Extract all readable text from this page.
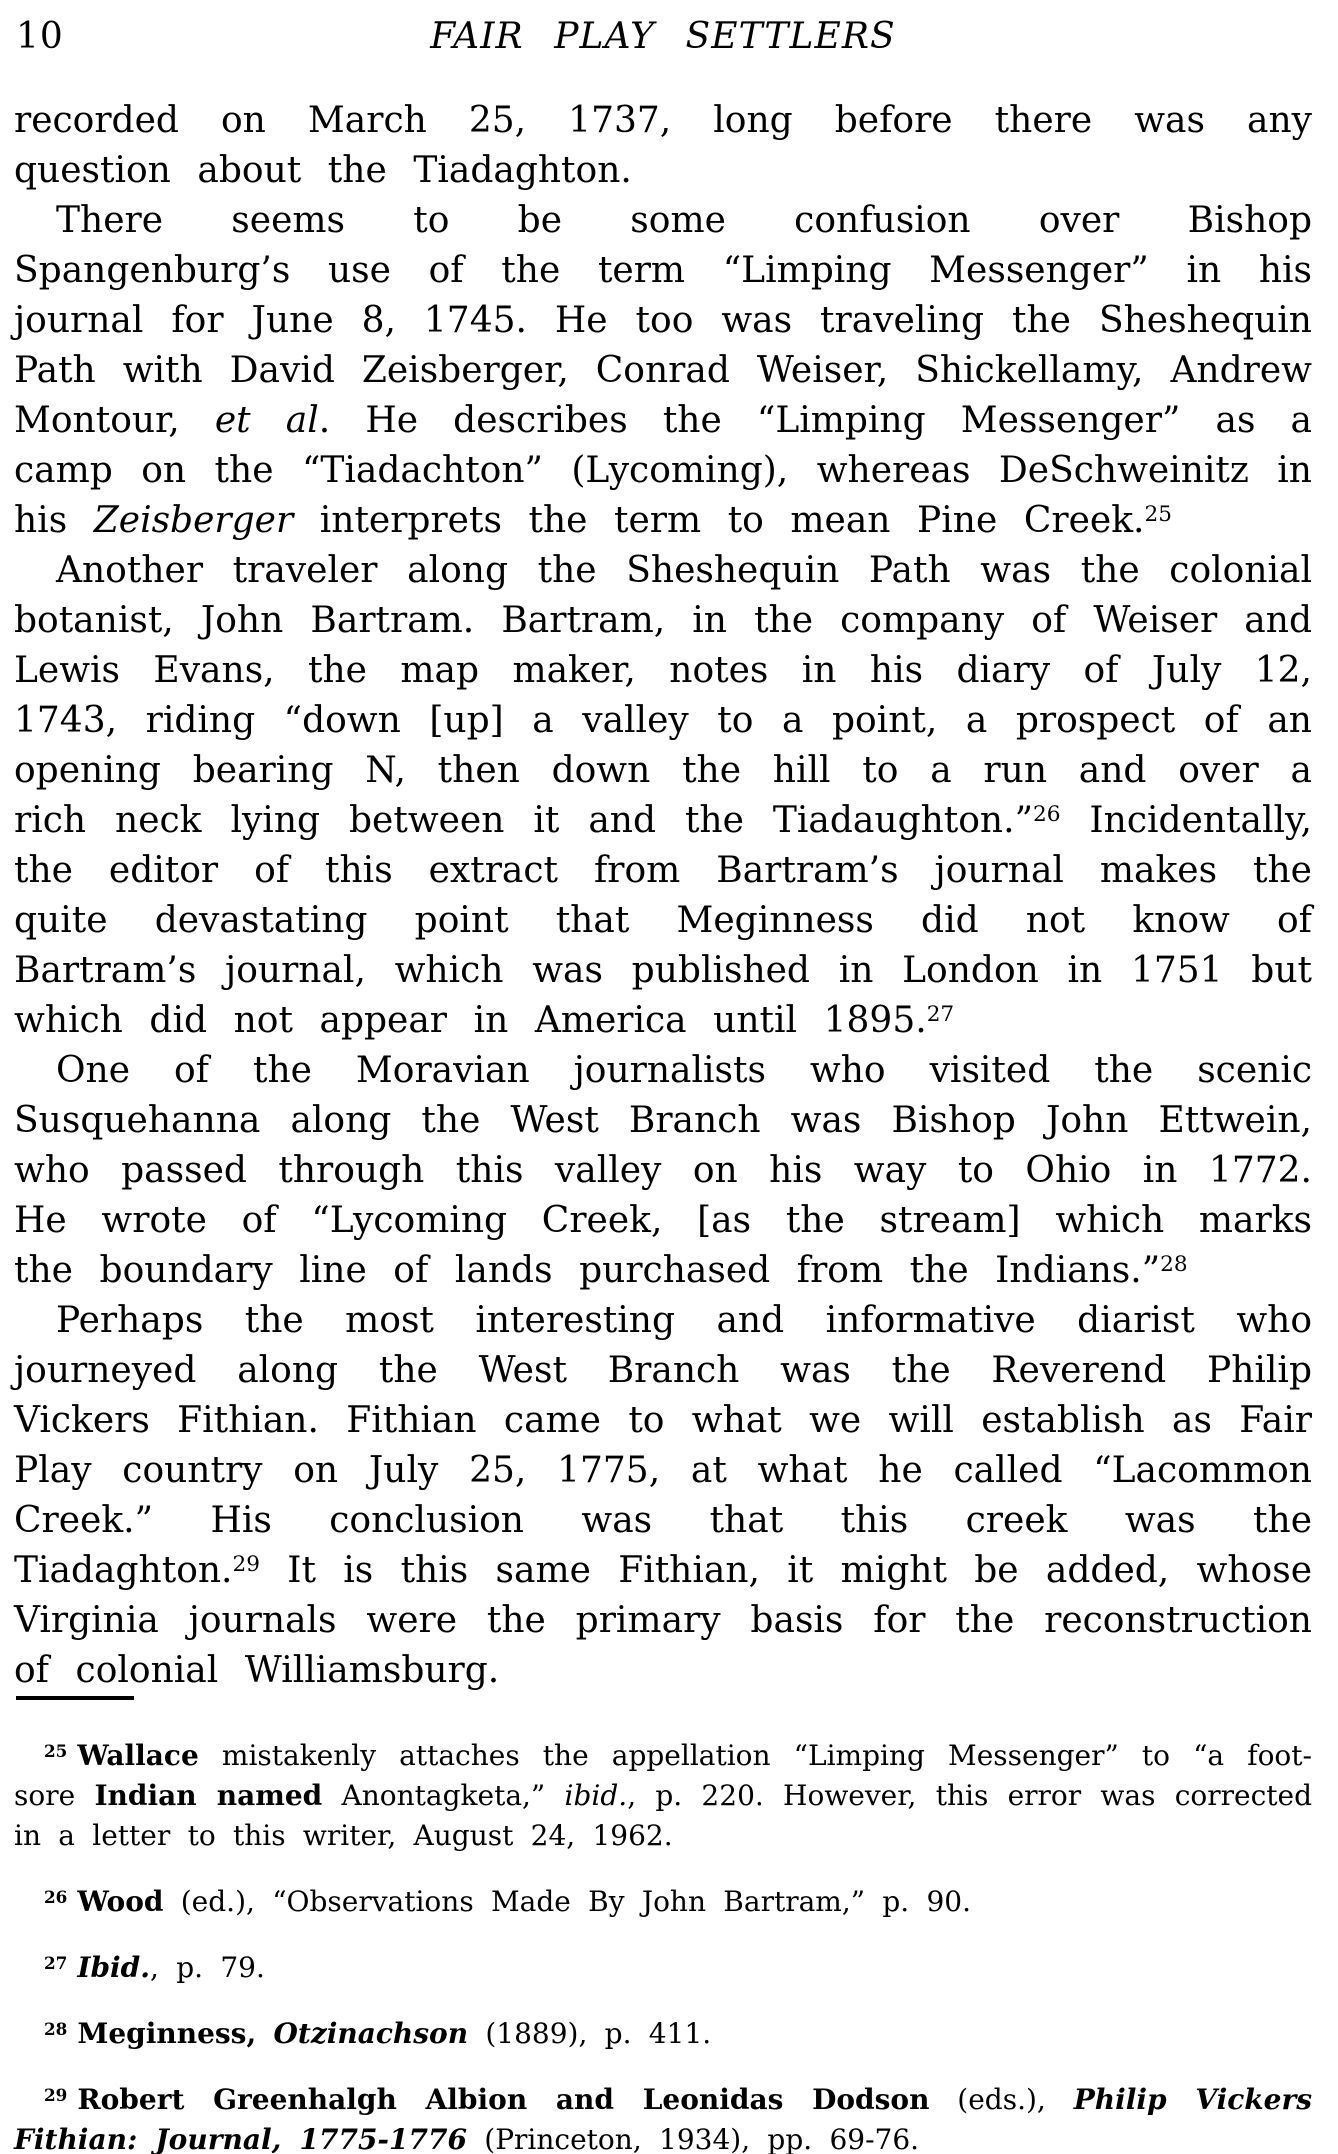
10	FAIR PLAY SETTLERS

recorded on March 25, 1737, long before there was any question about the Tiadaghton.

There seems to be some confusion over Bishop Spangenburg’s use of the term “Limping Messenger” in his journal for June 8, 1745. He too was traveling the Sheshequin Path with David Zeisberger, Conrad Weiser, Shickellamy, Andrew Montour, et al. He describes the “Limping Messenger” as a camp on the “Tiadachton” (Lycoming), whereas DeSchweinitz in his Zeisberger interprets the term to mean Pine Creek.$^{25}$

Another traveler along the Sheshequin Path was the colonial botanist, John Bartram. Bartram, in the company of Weiser and Lewis Evans, the map maker, notes in his diary of July 12, 1743, riding “down [up] a valley to a point, a prospect of an opening bearing N, then down the hill to a run and over a rich neck lying between it and the Tiadaughton.”$^{26}$ Incidentally, the editor of this extract from Bartram’s journal makes the quite devastating point that Meginness did not know of Bartram’s journal, which was published in London in 1751 but which did not appear in America until 1895.27

One of the Moravian journalists who visited the scenic Susquehanna along the West Branch was Bishop John Ettwein, who passed through this valley on his way to Ohio in 1772. He wrote of “Lycoming Creek, [as the stream] which marks the boundary line of lands purchased from the Indians.”$^{28}$

Perhaps the most interesting and informative diarist who journeyed along the West Branch was the Reverend Philip Vickers Fithian. Fithian came to what we will establish as Fair Play country on July 25, 1775, at what he called “Lacommon Creek.” His conclusion was that this creek was the Tiadaghton.$^{29}$ It is this same Fithian, it might be added, whose Virginia journals were the primary basis for the reconstruction of colonial Williamsburg.

$^{25}$ Wallace mistakenly attaches the appellation “Limping Messenger” to “a foot-sore Indian named Anontagketa,” ibid., p. 220. However, this error was corrected in a letter to this writer, August 24, 1962.

$^{26}$ Wood (ed.), “Observations Made By John Bartram,” p. 90.

$^{27}$ Ibid., p. 79.

$^{28}$ Meginness, Otzinachson (1889), p. 411.

$^{29}$ Robert Greenhalgh Albion and Leonidas Dodson (eds.), Philip Vickers Fithian: Journal, 1775-1776 (Princeton, 1934), pp. 69-76.
